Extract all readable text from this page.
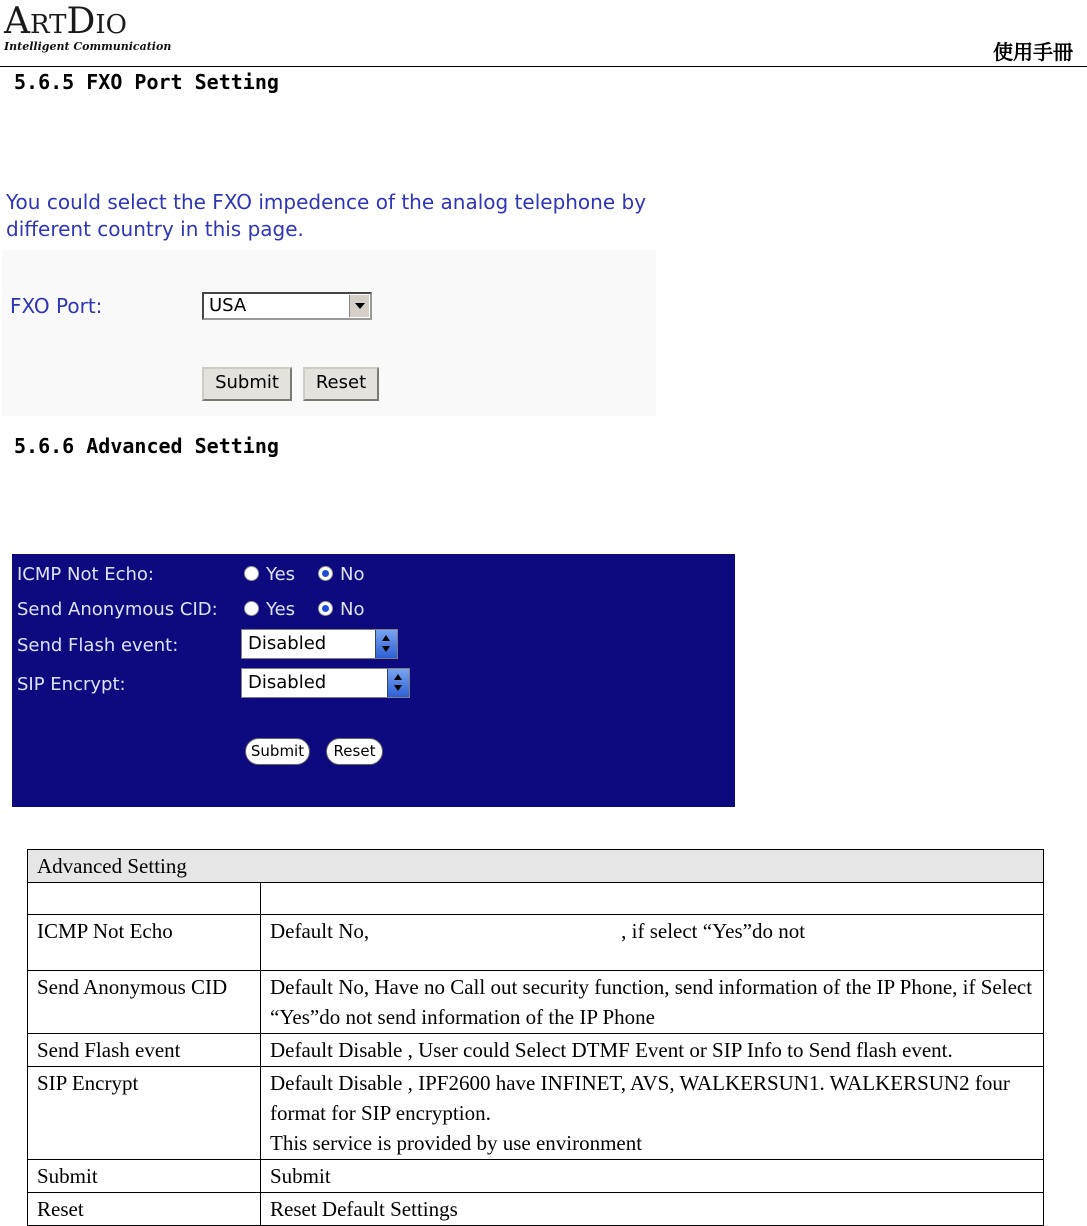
ARTDIO
Intelligent Communication	使用手冊
5.6.5 FXO Port Setting
You could select the FXO impedence of the analog telephone by different country in this page.
FXO Port:	USA
Submit	Reset
5.6.6 Advanced Setting
ICMP Not Echo:	Yes No
Send Anonymous CID:	Yes No
Send Flash event:	Disabled
SIP Encrypt:	Disabled
Submit	Reset
Advanced Setting	

ICMP Not Echo	Default No,                                                , if select “Yes”do not
Send Anonymous CID	Default No, Have no Call out security function, send information of the IP Phone, if Select “Yes”do not send information of the IP Phone
Send Flash event	Default Disable , User could Select DTMF Event or SIP Info to Send flash event.
SIP Encrypt	Default Disable , IPF2600 have INFINET, AVS, WALKERSUN1. WALKERSUN2 four format for SIP encryption.
This service is provided by use environment

Submit	Submit
Reset	Reset Default Settings
